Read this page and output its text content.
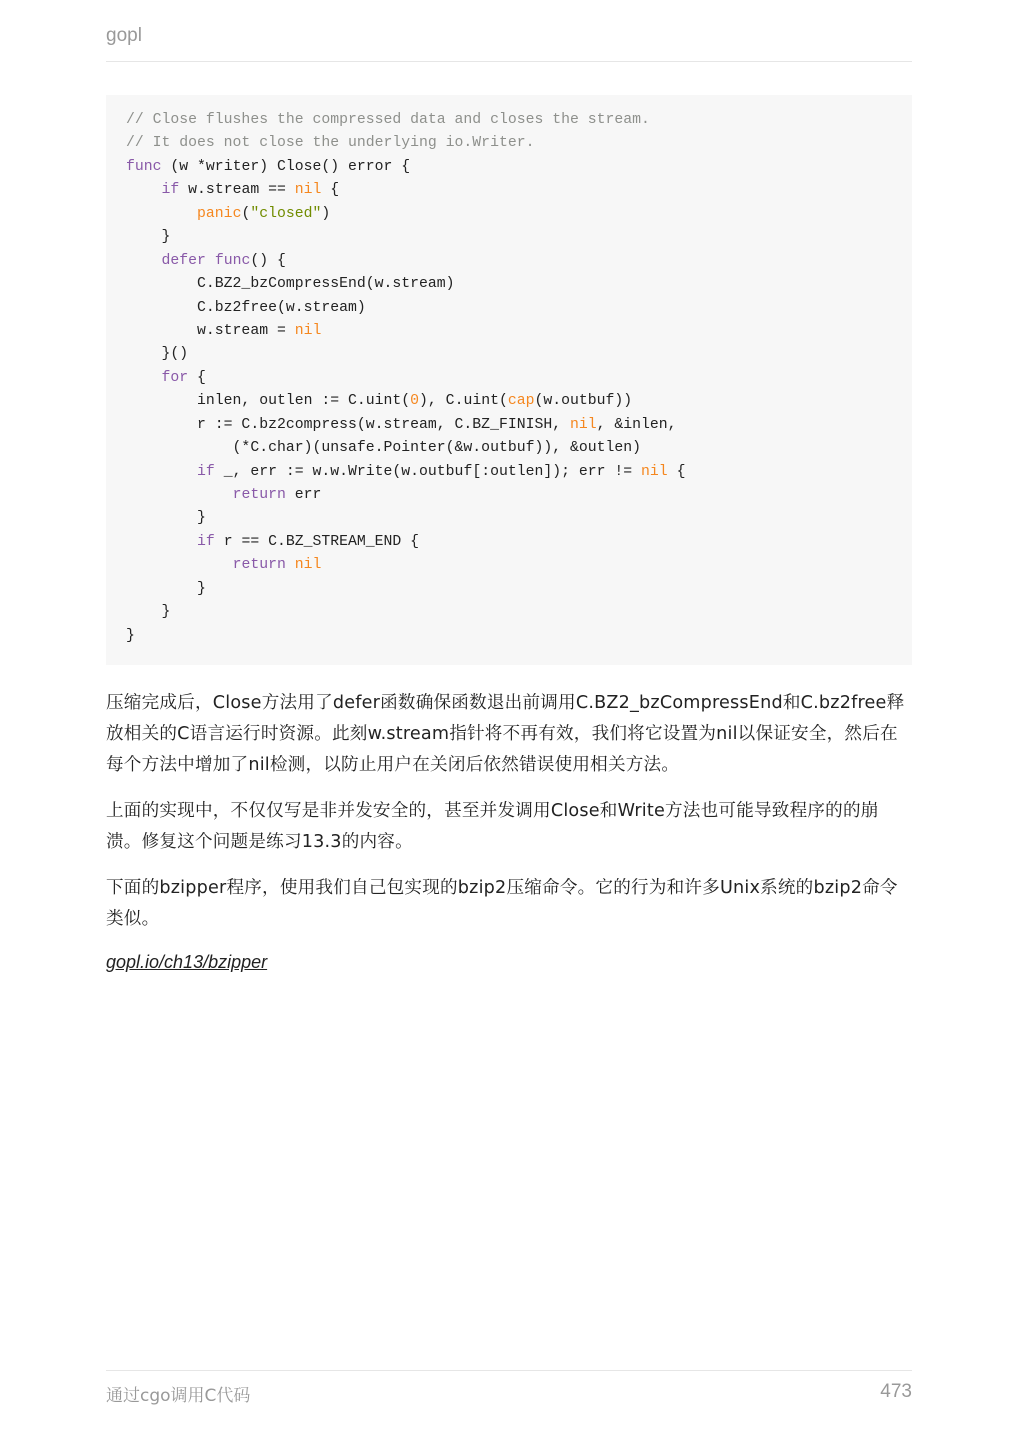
gopl
// Close flushes the compressed data and closes the stream.
// It does not close the underlying io.Writer.
func (w *writer) Close() error {
if w.stream == nil {
panic("closed")
}
defer func() {
C.BZ2_bzCompressEnd(w.stream)
C.bz2free(w.stream)
w.stream = nil
}()
for {
inlen, outlen := C.uint(0), C.uint(cap(w.outbuf))
r := C.bz2compress(w.stream, C.BZ_FINISH, nil, &inlen,
(*C.char)(unsafe.Pointer(&w.outbuf)), &outlen)
if _, err := w.w.Write(w.outbuf[:outlen]); err != nil {
return err
}
if r == C.BZ_STREAM_END {
return nil
}
}
}

压缩完成后，Close方法用了defer函数确保函数退出前调用C.BZ2_bzCompressEnd和C.bz2free释放相关的C语言运行时资源。此刻w.stream指针将不再有效，我们将它设置为nil以保证安全，然后在每个方法中增加了nil检测，以防止用户在关闭后依然错误使用相关方法。

上面的实现中，不仅仅写是非并发安全的，甚至并发调用Close和Write方法也可能导致程序的的崩溃。修复这个问题是练习13.3的内容。

下面的bzipper程序，使用我们自己包实现的bzip2压缩命令。它的行为和许多Unix系统的bzip2命令类似。

gopl.io/ch13/bzipper
通过cgo调用C代码	473
